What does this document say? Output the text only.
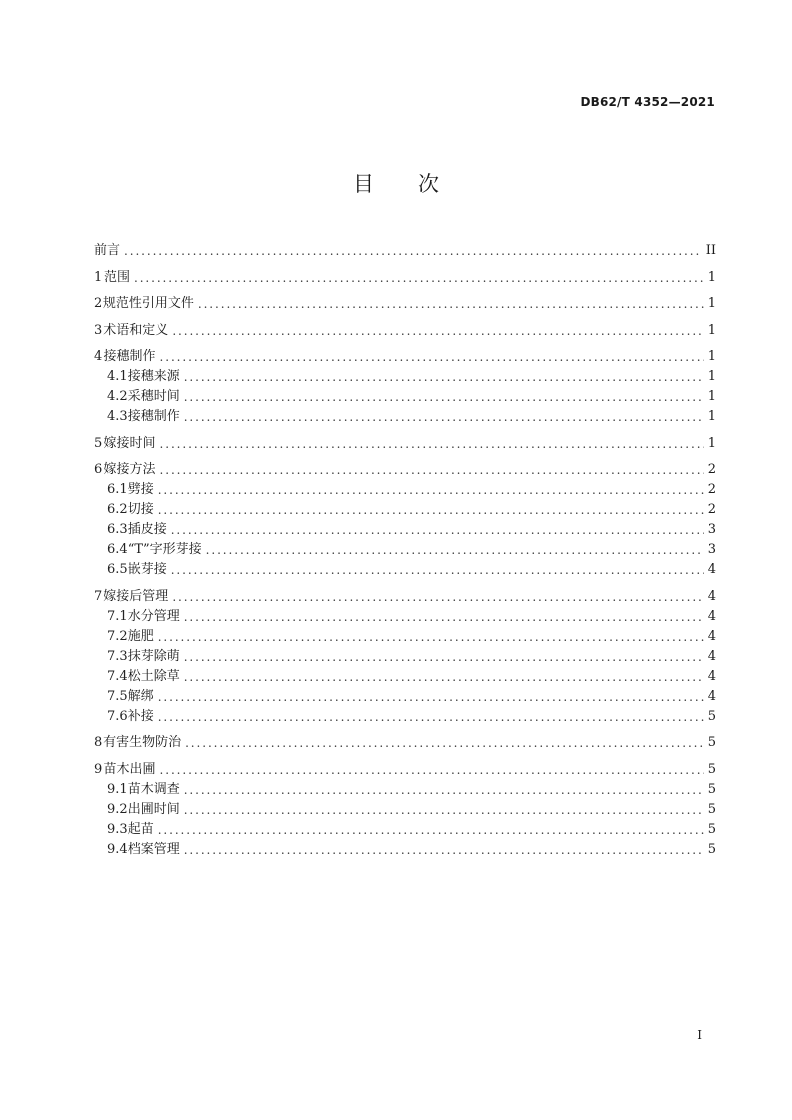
DB62/T 4352—2021
目 次
前言 .....	II
1 范围 .....	1
2 规范性引用文件 .....	1
3 术语和定义 .....	1
4 接穗制作 .....	1
4.1 接穗来源 .....	1
4.2 采穗时间 .....	1
4.3 接穗制作 .....	1
5 嫁接时间 .....	1
6 嫁接方法 .....	2
6.1 劈接 .....	2
6.2 切接 .....	2
6.3 插皮接 .....	3
6.4 “T”字形芽接 .....	3
6.5 嵌芽接 .....	4
7 嫁接后管理 .....	4
7.1 水分管理 .....	4
7.2 施肥 .....	4
7.3 抹芽除萌 .....	4
7.4 松土除草 .....	4
7.5 解绑 .....	4
7.6 补接 .....	5
8 有害生物防治 .....	5
9 苗木出圃 .....	5
9.1 苗木调查 .....	5
9.2 出圃时间 .....	5
9.3 起苗 .....	5
9.4 档案管理 .....	5
I
